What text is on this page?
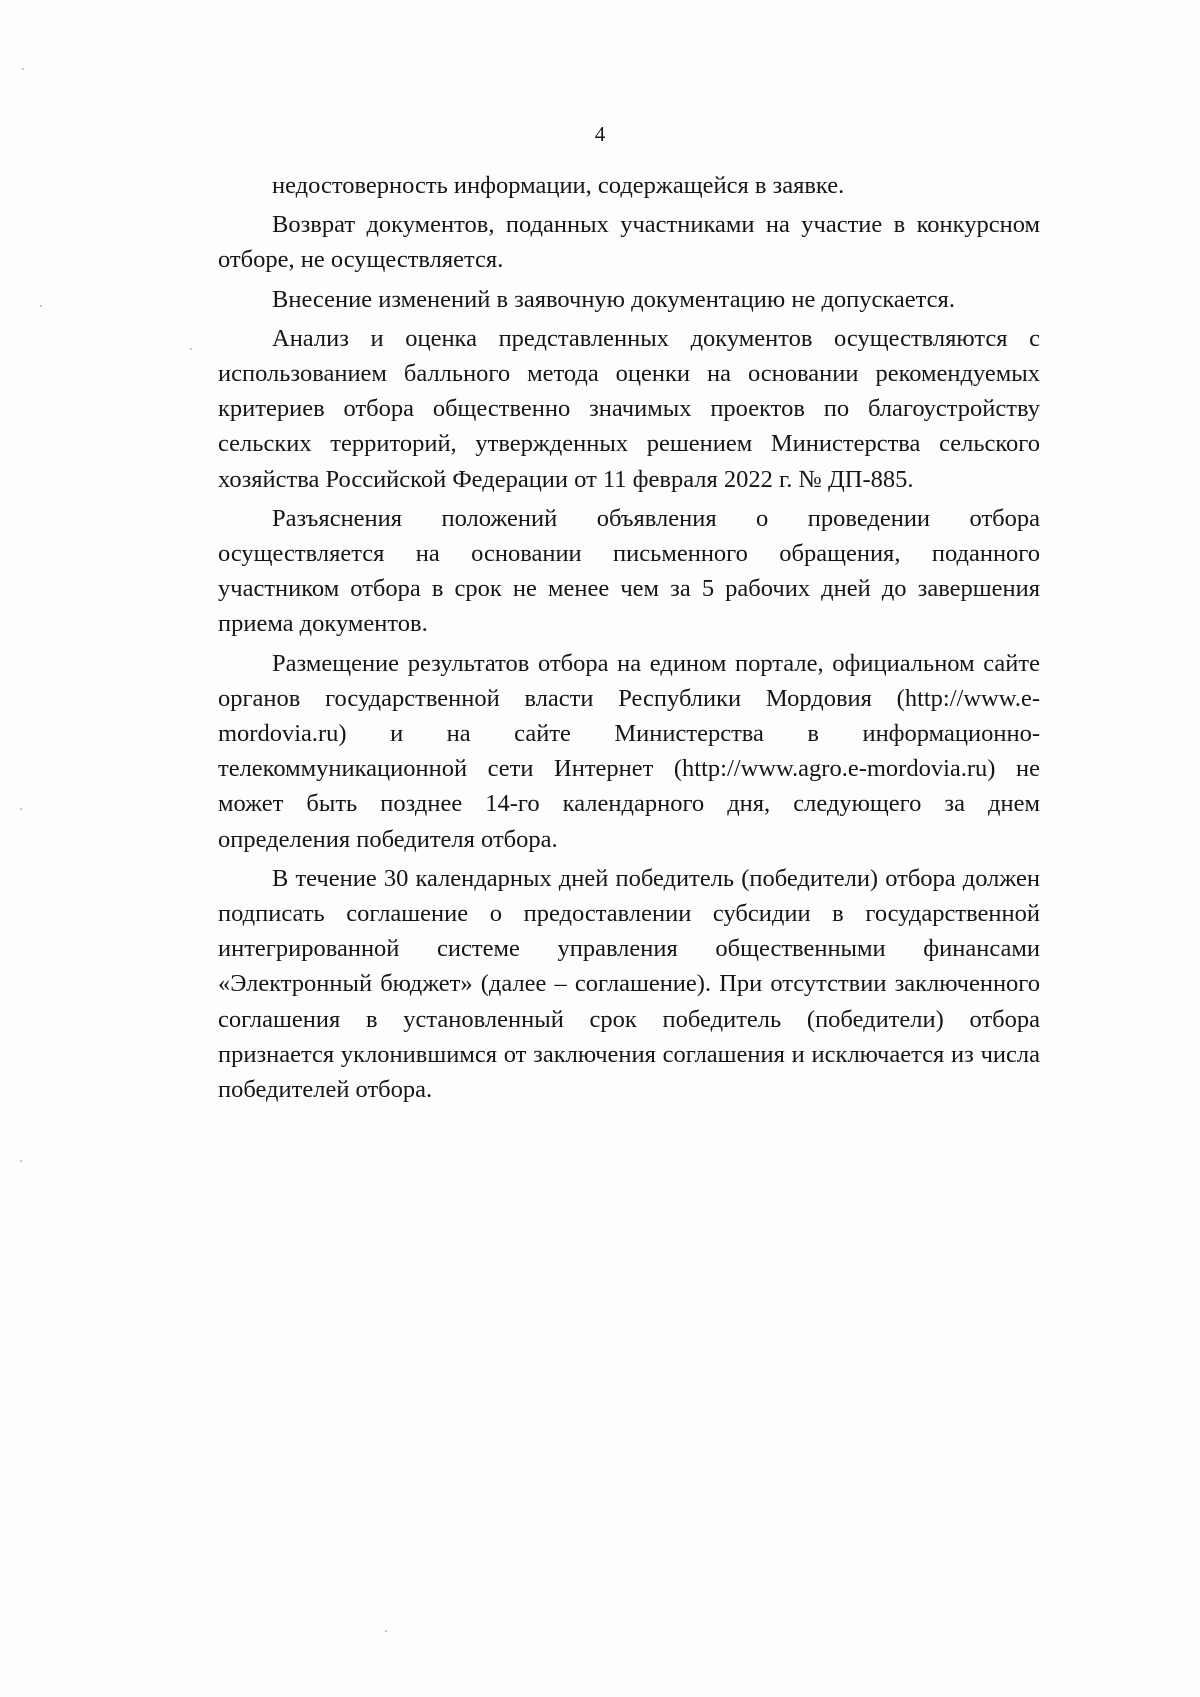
4

недостоверность информации, содержащейся в заявке.

Возврат документов, поданных участниками на участие в конкурсном отборе, не осуществляется.

Внесение изменений в заявочную документацию не допускается.

Анализ и оценка представленных документов осуществляются с использованием балльного метода оценки на основании рекомендуемых критериев отбора общественно значимых проектов по благоустройству сельских территорий, утвержденных решением Министерства сельского хозяйства Российской Федерации от 11 февраля 2022 г. № ДП-885.

Разъяснения положений объявления о проведении отбора осуществляется на основании письменного обращения, поданного участником отбора в срок не менее чем за 5 рабочих дней до завершения приема документов.

Размещение результатов отбора на едином портале, официальном сайте органов государственной власти Республики Мордовия (http://www.e-mordovia.ru) и на сайте Министерства в информационно-телекоммуникационной сети Интернет (http://www.agro.e-mordovia.ru) не может быть позднее 14-го календарного дня, следующего за днем определения победителя отбора.

В течение 30 календарных дней победитель (победители) отбора должен подписать соглашение о предоставлении субсидии в государственной интегрированной системе управления общественными финансами «Электронный бюджет» (далее – соглашение). При отсутствии заключенного соглашения в установленный срок победитель (победители) отбора признается уклонившимся от заключения соглашения и исключается из числа победителей отбора.
